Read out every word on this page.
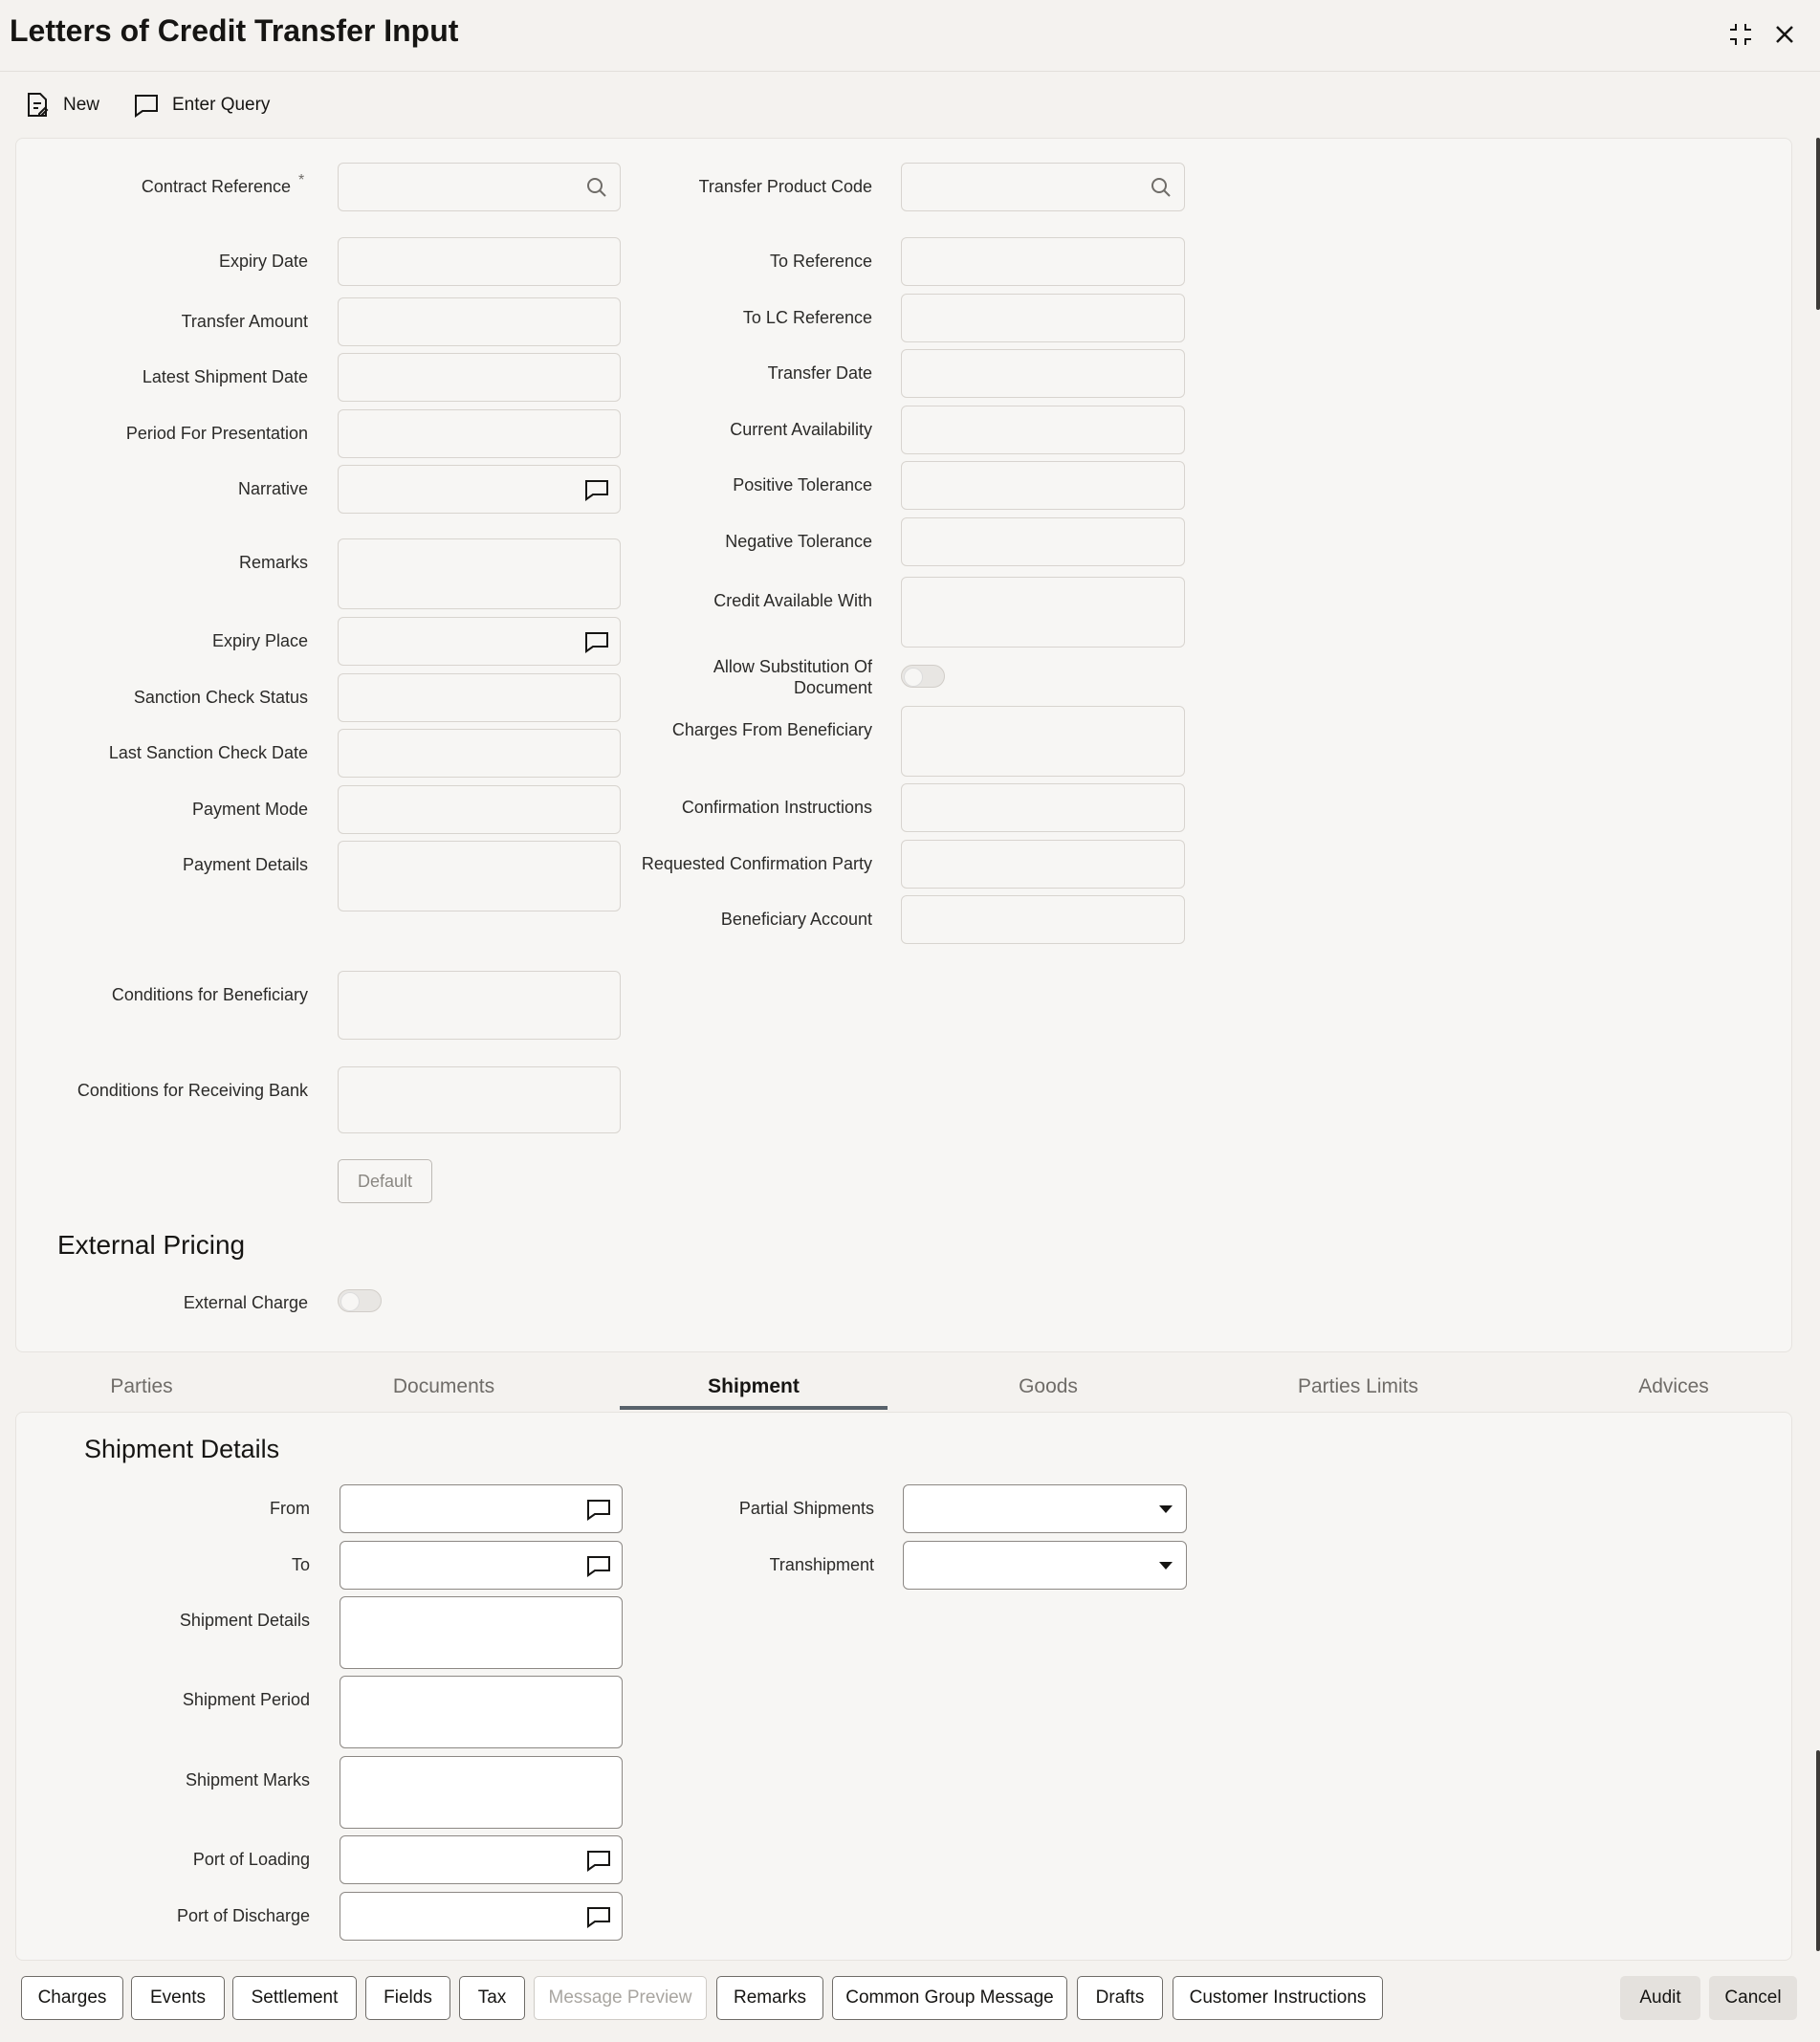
Letters of Credit Transfer Input
New	Enter Query
Contract Reference *
Expiry Date
Transfer Amount
Latest Shipment Date
Period For Presentation
Narrative
Remarks
Expiry Place
Sanction Check Status
Last Sanction Check Date
Payment Mode
Payment Details
Conditions for Beneficiary
Conditions for Receiving Bank
Default
External Pricing
External Charge
Transfer Product Code
To Reference
To LC Reference
Transfer Date
Current Availability
Positive Tolerance
Negative Tolerance
Credit Available With
Allow Substitution Of
Document
Charges From Beneficiary
Confirmation Instructions
Requested Confirmation Party
Beneficiary Account
Parties	Documents	Shipment	Goods	Parties Limits	Advices
Shipment Details
From
To
Shipment Details
Shipment Period
Shipment Marks
Port of Loading
Port of Discharge
Partial Shipments
Transhipment
Charges	Events	Settlement	Fields	Tax	Message Preview	Remarks	Common Group Message	Drafts	Customer Instructions	Audit	Cancel
